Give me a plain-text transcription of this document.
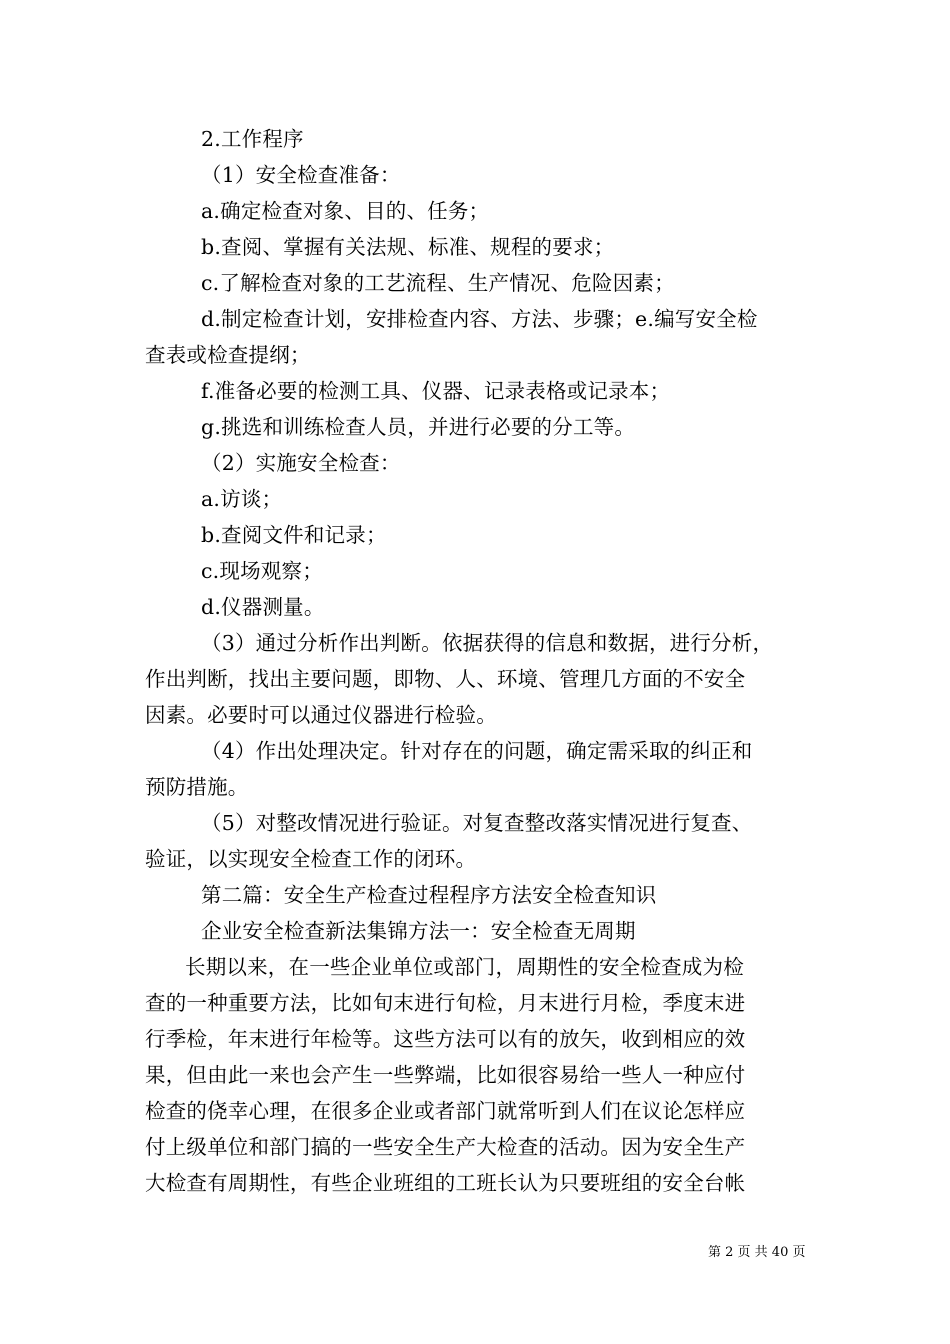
2.工作程序
（1）安全检查准备：
a.确定检查对象、目的、任务；
b.查阅、掌握有关法规、标准、规程的要求；
c.了解检查对象的工艺流程、生产情况、危险因素；
d.制定检查计划，安排检查内容、方法、步骤；e.编写安全检
查表或检查提纲；
f.准备必要的检测工具、仪器、记录表格或记录本；
g.挑选和训练检查人员，并进行必要的分工等。
（2）实施安全检查：
a.访谈；
b.查阅文件和记录；
c.现场观察；
d.仪器测量。
（3）通过分析作出判断。依据获得的信息和数据，进行分析，
作出判断，找出主要问题，即物、人、环境、管理几方面的不安全
因素。必要时可以通过仪器进行检验。
（4）作出处理决定。针对存在的问题，确定需采取的纠正和
预防措施。
（5）对整改情况进行验证。对复查整改落实情况进行复查、
验证，以实现安全检查工作的闭环。
第二篇：安全生产检查过程程序方法安全检查知识
企业安全检查新法集锦方法一：安全检查无周期
长期以来，在一些企业单位或部门，周期性的安全检查成为检
查的一种重要方法，比如旬末进行旬检，月末进行月检，季度末进
行季检，年末进行年检等。这些方法可以有的放矢，收到相应的效
果，但由此一来也会产生一些弊端，比如很容易给一些人一种应付
检查的侥幸心理，在很多企业或者部门就常听到人们在议论怎样应
付上级单位和部门搞的一些安全生产大检查的活动。因为安全生产
大检查有周期性，有些企业班组的工班长认为只要班组的安全台帐
第 2 页 共 40 页
